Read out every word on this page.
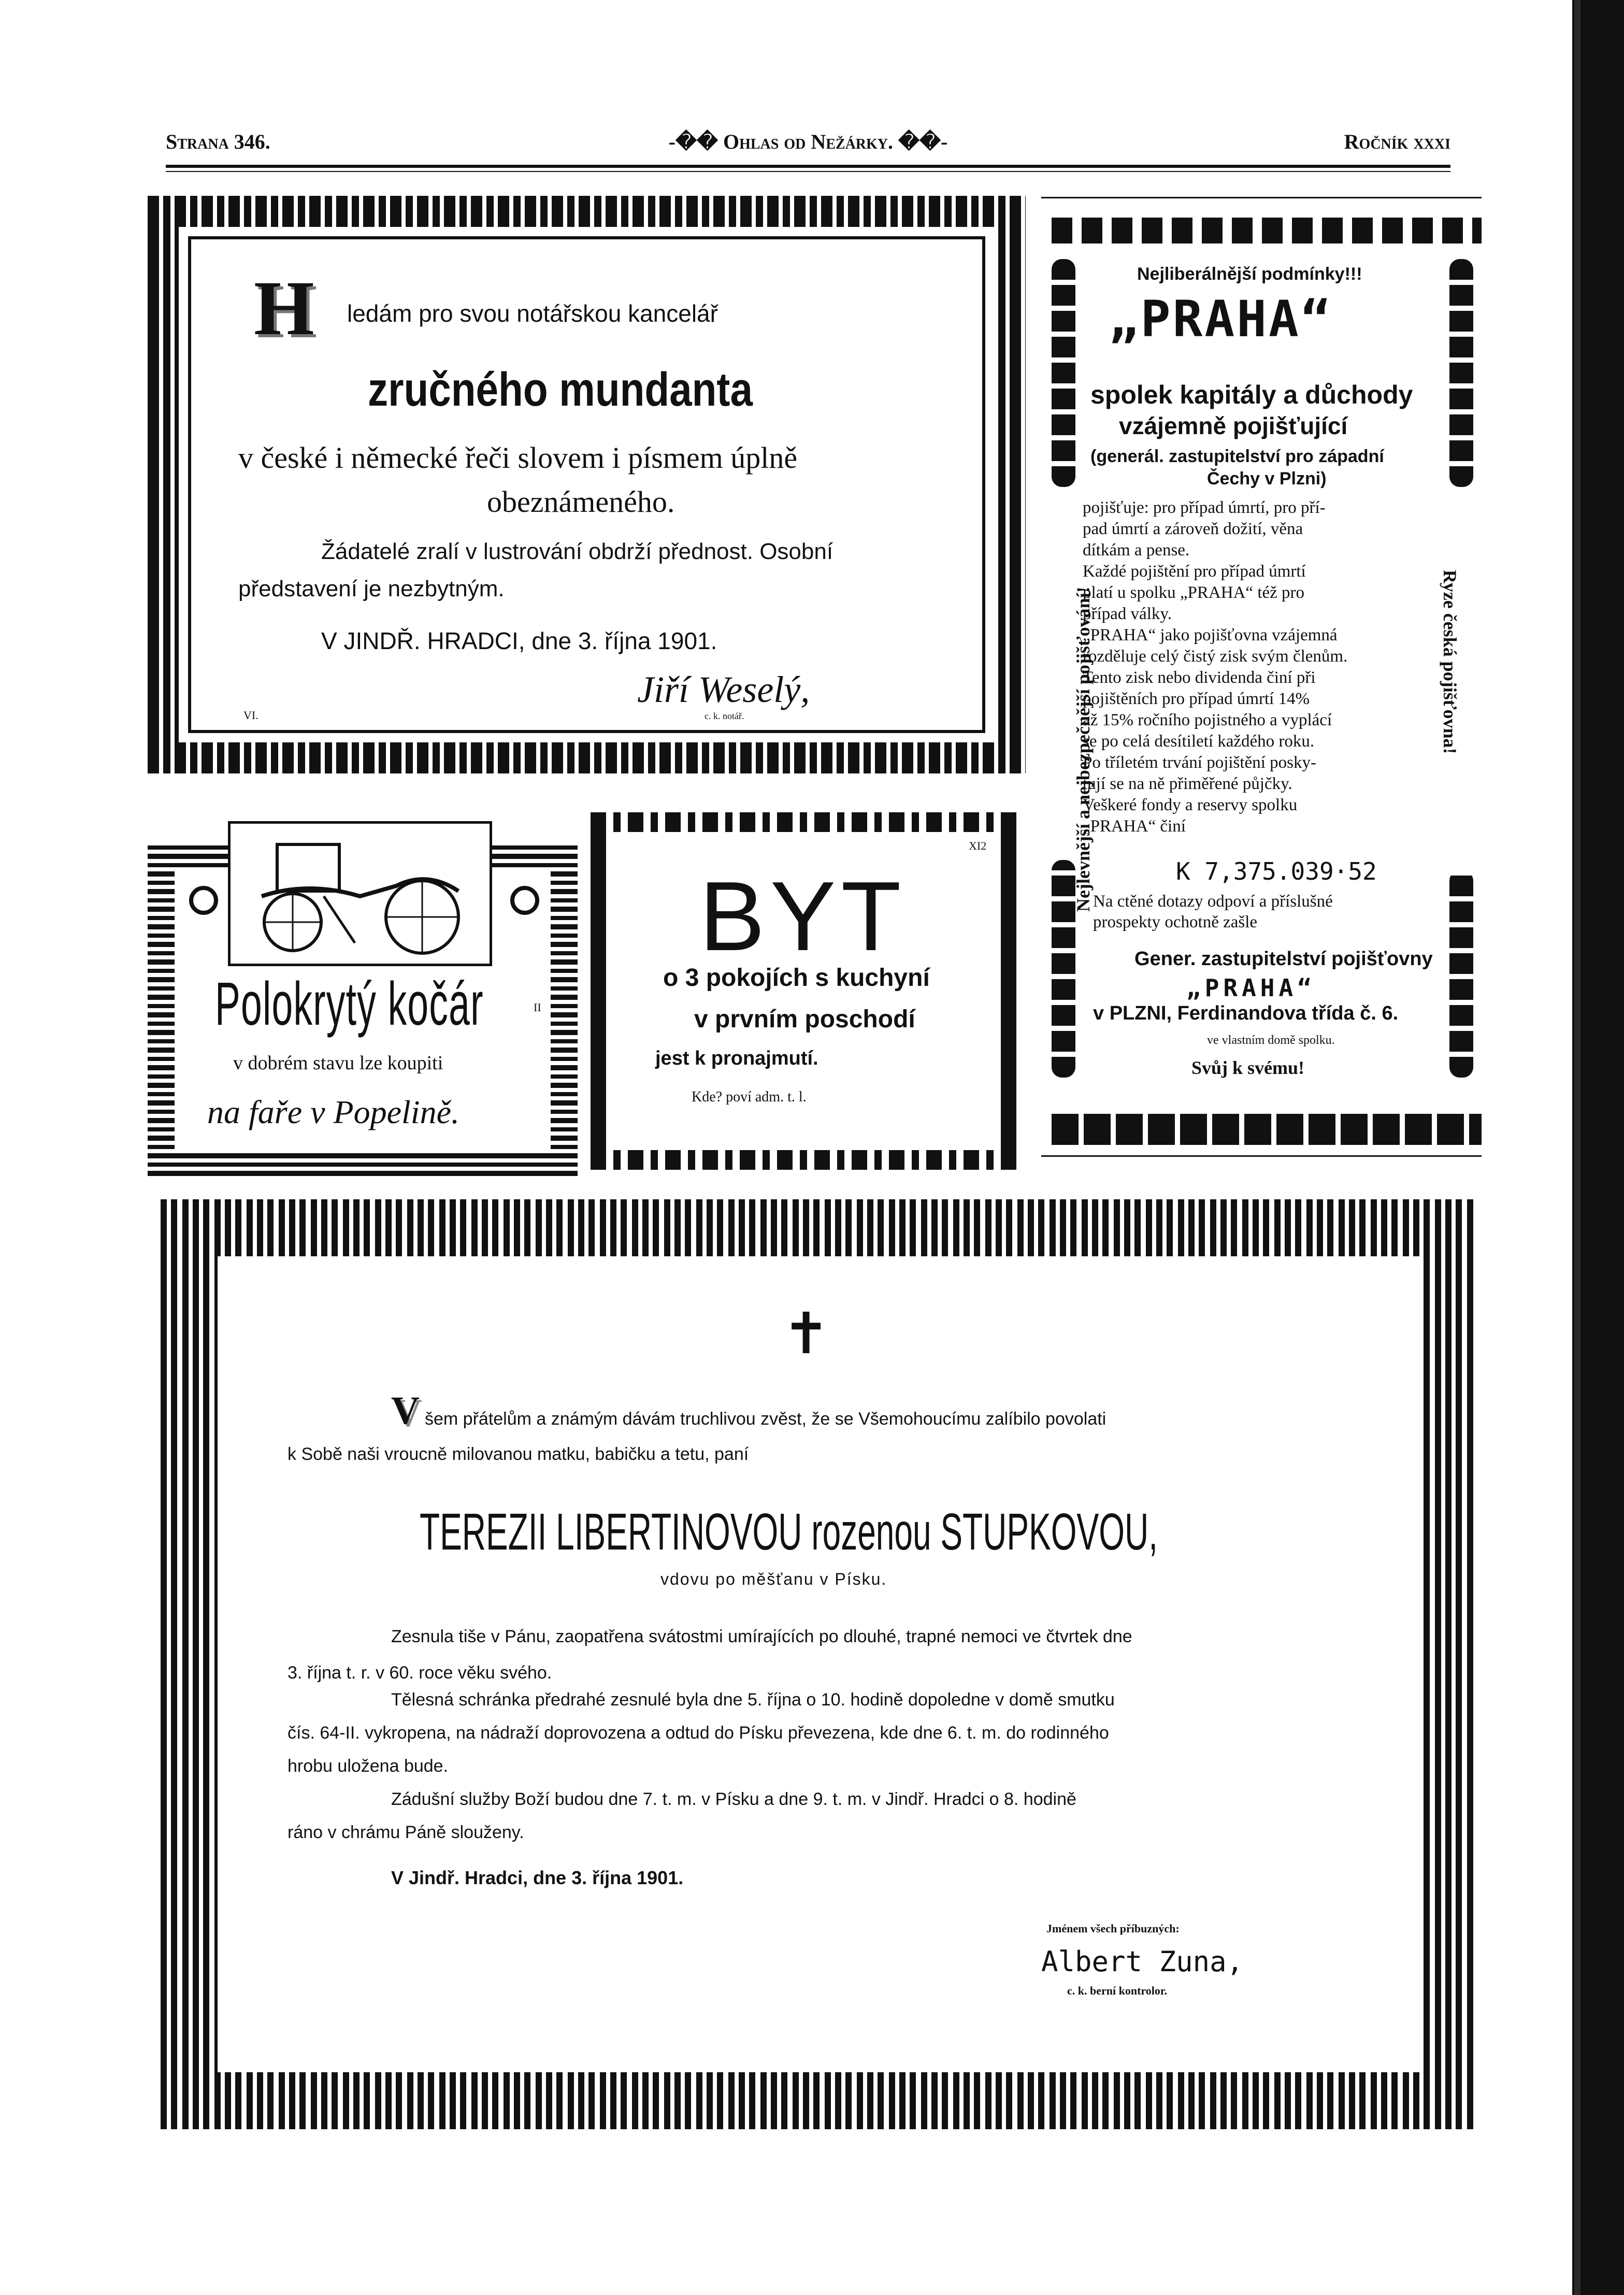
Strana 346.	-�� Ohlas od Nežárky. ��-	Ročník xxxi
H ledám pro svou notářskou kancelář
zručného mundanta
v české i německé řeči slovem i písmem úplně
obeznámeného.
Žádatelé zralí v lustrování obdrží přednost. Osobní
představení je nezbytným.
V JINDŘ. HRADCI, dne 3. října 1901.
Jiří Weselý,
c. k. notář.
VI.
Nejliberálnější podmínky!!!
„PRAHA“
spolek kapitály a důchody
vzájemně pojišťující
(generál. zastupitelství pro západní
Čechy v Plzni)
pojišťuje: pro případ úmrtí, pro pří-
pad úmrtí a zároveň dožití, věna
dítkám a pense.
Každé pojištění pro případ úmrtí
platí u spolku „PRAHA“ též pro
případ války.
„PRAHA“ jako pojišťovna vzájemná
rozděluje celý čistý zisk svým členům.
Tento zisk nebo dividenda činí při
pojištěních pro případ úmrtí 14%
až 15% ročního pojistného a vyplácí
se po celá desítiletí každého roku.
Po tříletém trvání pojištění posky-
tují se na ně přiměřené půjčky.
Veškeré fondy a reservy spolku
„PRAHA“ činí
K 7,375.039·52
Na ctěné dotazy odpoví a příslušné
prospekty ochotně zašle
Gener. zastupitelství pojišťovny
„PRAHA“
v PLZNI, Ferdinandova třída č. 6.
ve vlastním domě spolku.
Svůj k svému!
Nejlevnější a nejbezpečnější pojišťování!	Ryze česká pojišťovna!
Polokrytý kočár
v dobrém stavu lze koupiti
na faře v Popelině.
II
BYT
o 3 pokojích s kuchyní
v prvním poschodí
jest k pronajmutí.
Kde? poví adm. t. l.
XI2
✝
V šem přátelům a známým dávám truchlivou zvěst, že se Všemohoucímu zalíbilo povolati
k Sobě naši vroucně milovanou matku, babičku a tetu, paní
TEREZII LIBERTINOVOU rozenou STUPKOVOU,
vdovu po měšťanu v Písku.
Zesnula tiše v Pánu, zaopatřena svátostmi umírajících po dlouhé, trapné nemoci ve čtvrtek dne
3. října t. r. v 60. roce věku svého.
Tělesná schránka předrahé zesnulé byla dne 5. října o 10. hodině dopoledne v domě smutku
čís. 64-II. vykropena, na nádraží doprovozena a odtud do Písku převezena, kde dne 6. t. m. do rodinného
hrobu uložena bude.
Zádušní služby Boží budou dne 7. t. m. v Písku a dne 9. t. m. v Jindř. Hradci o 8. hodině
ráno v chrámu Páně slouženy.
V Jindř. Hradci, dne 3. října 1901.
Jménem všech příbuzných:
Albert Zuna,
c. k. berní kontrolor.
